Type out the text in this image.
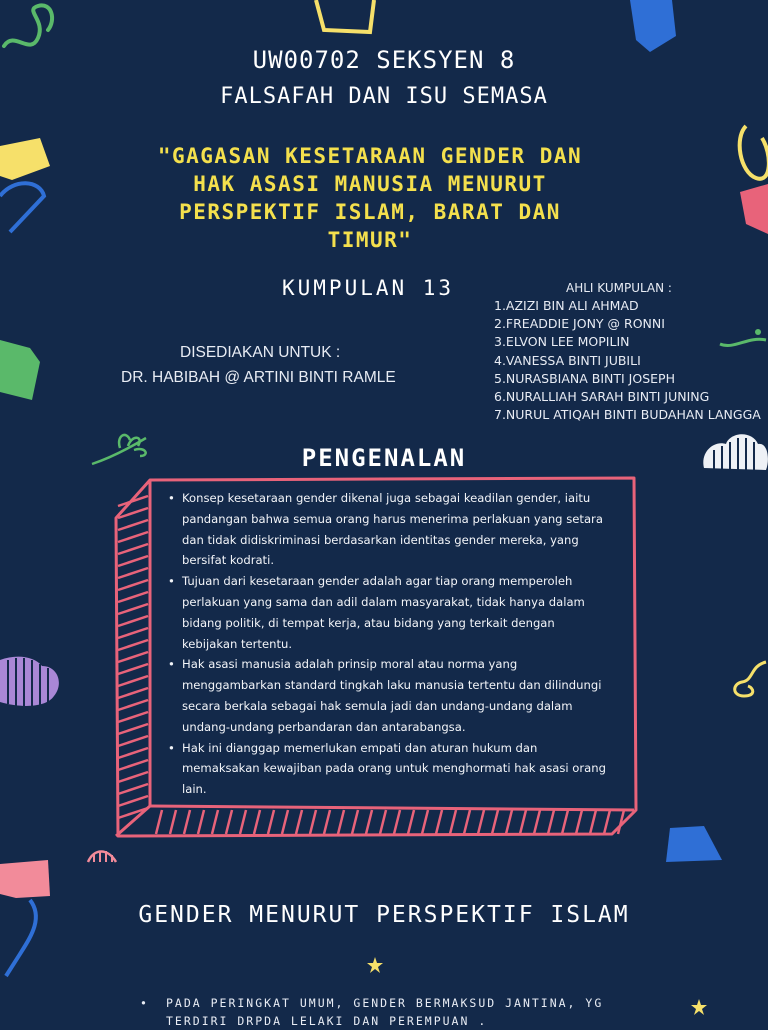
UW00702 SEKSYEN 8
FALSAFAH DAN ISU SEMASA
"GAGASAN KESETARAAN GENDER DAN
HAK ASASI MANUSIA MENURUT
PERSPEKTIF ISLAM, BARAT DAN
TIMUR"
KUMPULAN 13	AHLI KUMPULAN :
1.AZIZI BIN ALI AHMAD
2.FREADDIE JONY @ RONNI
3.ELVON LEE MOPILIN
4.VANESSA BINTI JUBILI
5.NURASBIANA BINTI JOSEPH
6.NURALLIAH SARAH BINTI JUNING
7.NURUL ATIQAH BINTI BUDAHAN LANGGA
DISEDIAKAN UNTUK :
DR. HABIBAH @ ARTINI BINTI RAMLE
PENGENALAN
• Konsep kesetaraan gender dikenal juga sebagai keadilan gender, iaitu pandangan bahwa semua orang harus menerima perlakuan yang setara dan tidak didiskriminasi berdasarkan identitas gender mereka, yang bersifat kodrati.
• Tujuan dari kesetaraan gender adalah agar tiap orang memperoleh perlakuan yang sama dan adil dalam masyarakat, tidak hanya dalam bidang politik, di tempat kerja, atau bidang yang terkait dengan kebijakan tertentu.
• Hak asasi manusia adalah prinsip moral atau norma yang menggambarkan standard tingkah laku manusia tertentu dan dilindungi secara berkala sebagai hak semula jadi dan undang-undang dalam undang-undang perbandaran dan antarabangsa.
• Hak ini dianggap memerlukan empati dan aturan hukum dan memaksakan kewajiban pada orang untuk menghormati hak asasi orang lain.
GENDER MENURUT PERSPEKTIF ISLAM
• PADA PERINGKAT UMUM, GENDER BERMAKSUD JANTINA, YG TERDIRI DRPDA LELAKI DAN PEREMPUAN .
